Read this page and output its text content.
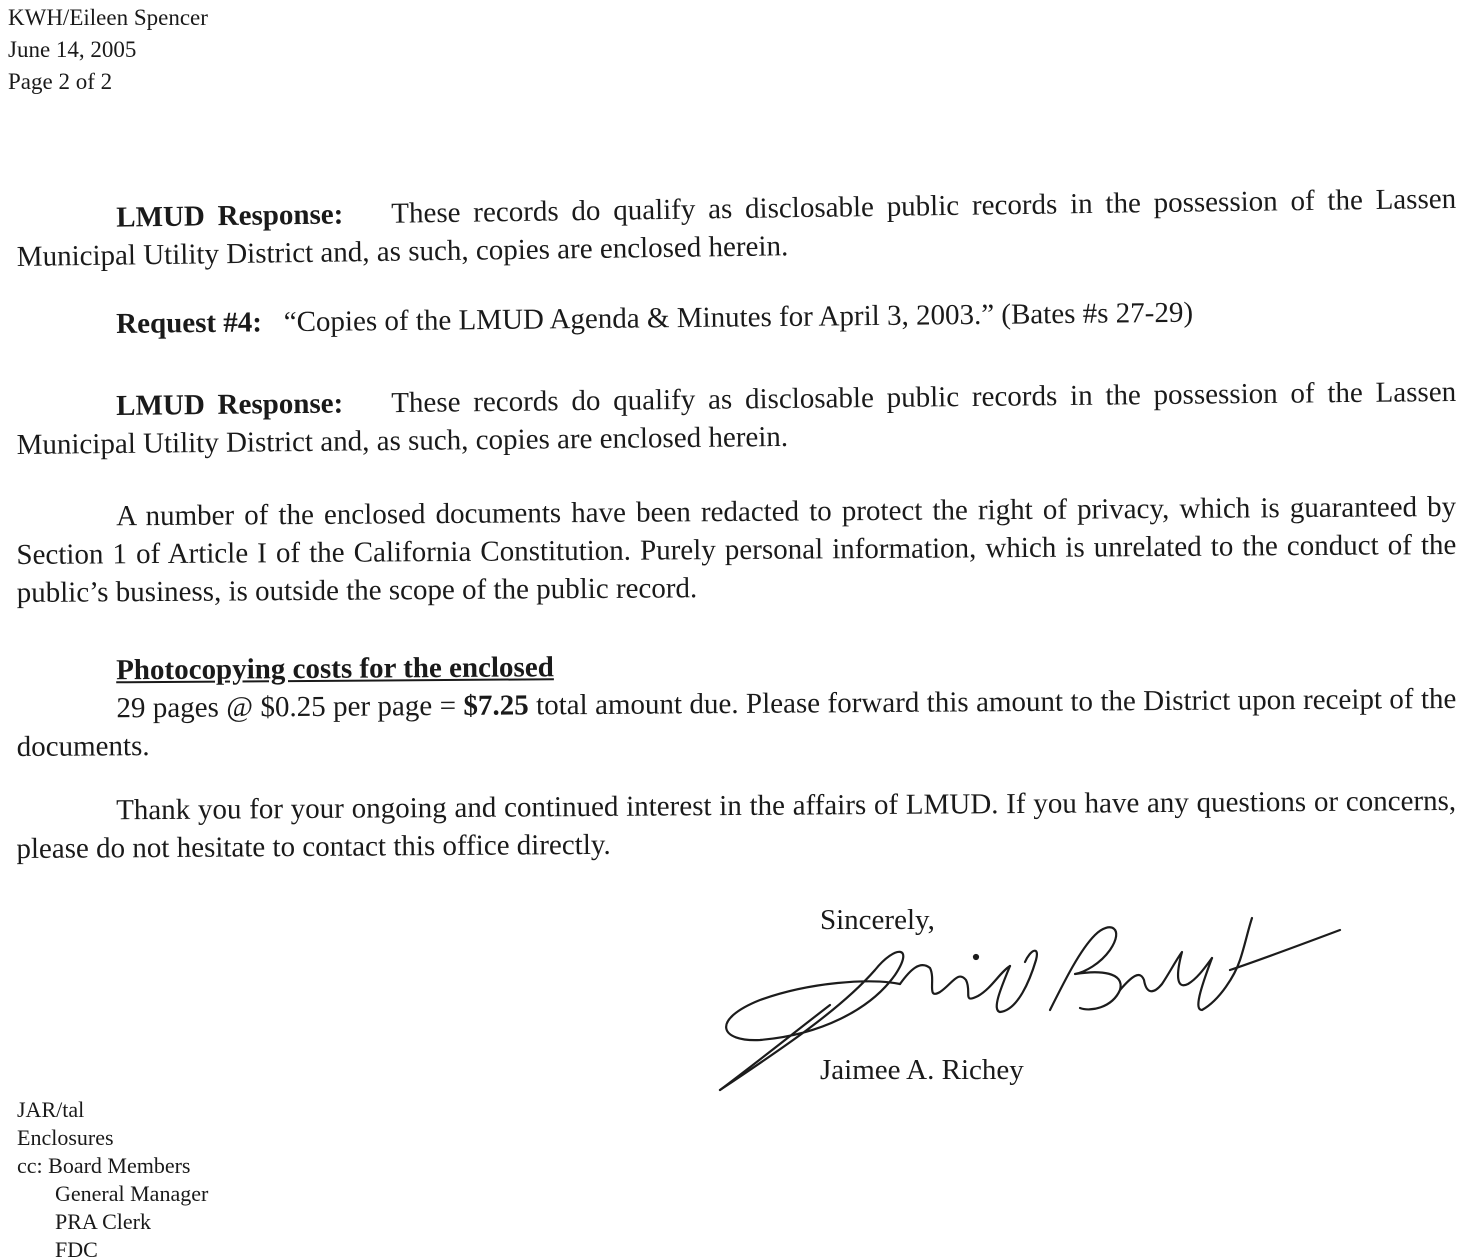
KWH/Eileen Spencer
June 14, 2005
Page 2 of 2
LMUD Response: These records do qualify as disclosable public records in the possession of the Lassen Municipal Utility District and, as such, copies are enclosed herein.
Request #4: “Copies of the LMUD Agenda & Minutes for April 3, 2003.” (Bates #s 27-29)
LMUD Response: These records do qualify as disclosable public records in the possession of the Lassen Municipal Utility District and, as such, copies are enclosed herein.
A number of the enclosed documents have been redacted to protect the right of privacy, which is guaranteed by Section 1 of Article I of the California Constitution. Purely personal information, which is unrelated to the conduct of the public’s business, is outside the scope of the public record.
Photocopying costs for the enclosed
29 pages @ $0.25 per page = $7.25 total amount due. Please forward this amount to the District upon receipt of the documents.
Thank you for your ongoing and continued interest in the affairs of LMUD. If you have any questions or concerns, please do not hesitate to contact this office directly.
Sincerely,
Jaimee A. Richey
JAR/tal
Enclosures
cc: Board Members
General Manager
PRA Clerk
FDC
